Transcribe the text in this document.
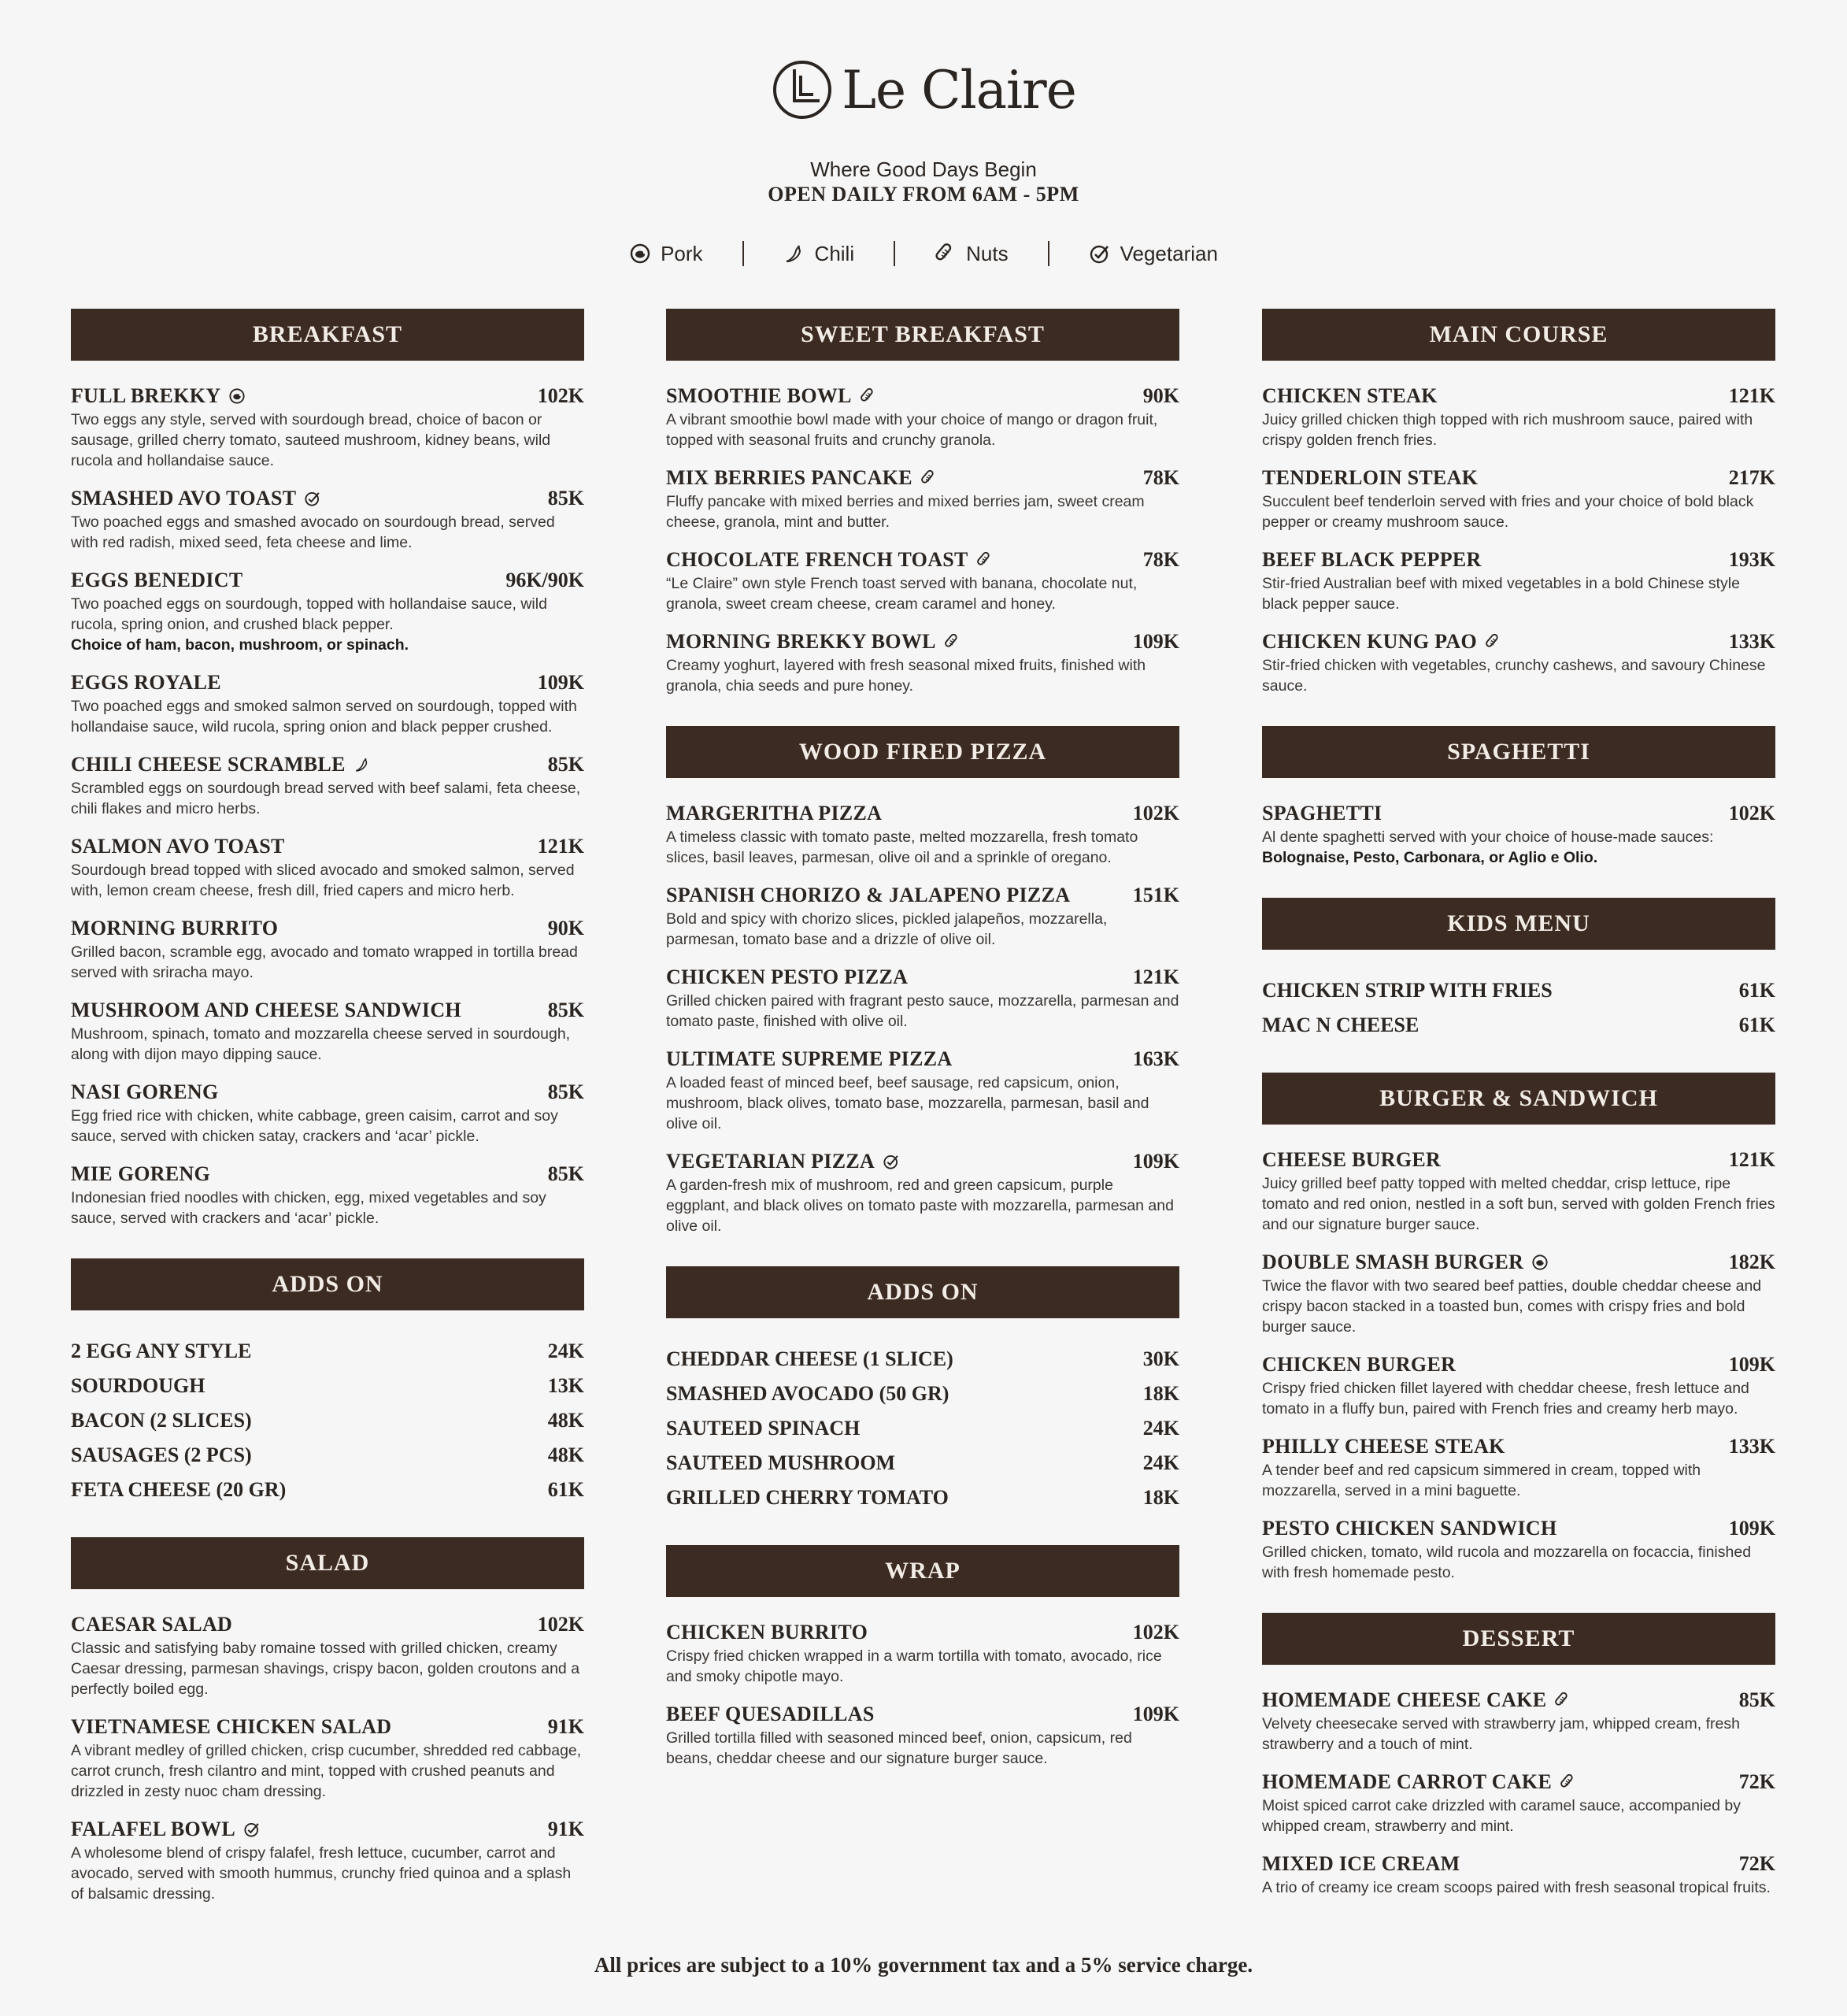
Le Claire
Where Good Days Begin
OPEN DAILY FROM 6AM - 5PM
Pork	Chili	Nuts	Vegetarian
BREAKFAST
FULL BREKKY	102K
Two eggs any style, served with sourdough bread, choice of bacon or sausage, grilled cherry tomato, sauteed mushroom, kidney beans, wild rucola and hollandaise sauce.
SMASHED AVO TOAST	85K
Two poached eggs and smashed avocado on sourdough bread, served with red radish, mixed seed, feta cheese and lime.
EGGS BENEDICT	96K/90K
Two poached eggs on sourdough, topped with hollandaise sauce, wild rucola, spring onion, and crushed black pepper.
Choice of ham, bacon, mushroom, or spinach.
EGGS ROYALE	109K
Two poached eggs and smoked salmon served on sourdough, topped with hollandaise sauce, wild rucola, spring onion and black pepper crushed.
CHILI CHEESE SCRAMBLE	85K
Scrambled eggs on sourdough bread served with beef salami, feta cheese, chili flakes and micro herbs.
SALMON AVO TOAST	121K
Sourdough bread topped with sliced avocado and smoked salmon, served with, lemon cream cheese, fresh dill, fried capers and micro herb.
MORNING BURRITO	90K
Grilled bacon, scramble egg, avocado and tomato wrapped in tortilla bread served with sriracha mayo.
MUSHROOM AND CHEESE SANDWICH	85K
Mushroom, spinach, tomato and mozzarella cheese served in sourdough, along with dijon mayo dipping sauce.
NASI GORENG	85K
Egg fried rice with chicken, white cabbage, green caisim, carrot and soy sauce, served with chicken satay, crackers and ‘acar’ pickle.
MIE GORENG	85K
Indonesian fried noodles with chicken, egg, mixed vegetables and soy sauce, served with crackers and ‘acar’ pickle.
ADDS ON
2 EGG ANY STYLE	24K
SOURDOUGH	13K
BACON (2 SLICES)	48K
SAUSAGES (2 PCS)	48K
FETA CHEESE (20 GR)	61K
SALAD
CAESAR SALAD	102K
Classic and satisfying baby romaine tossed with grilled chicken, creamy Caesar dressing, parmesan shavings, crispy bacon, golden croutons and a perfectly boiled egg.
VIETNAMESE CHICKEN SALAD	91K
A vibrant medley of grilled chicken, crisp cucumber, shredded red cabbage, carrot crunch, fresh cilantro and mint, topped with crushed peanuts and drizzled in zesty nuoc cham dressing.
FALAFEL BOWL	91K
A wholesome blend of crispy falafel, fresh lettuce, cucumber, carrot and avocado, served with smooth hummus, crunchy fried quinoa and a splash of balsamic dressing.
SWEET BREAKFAST
SMOOTHIE BOWL	90K
A vibrant smoothie bowl made with your choice of mango or dragon fruit, topped with seasonal fruits and crunchy granola.
MIX BERRIES PANCAKE	78K
Fluffy pancake with mixed berries and mixed berries jam, sweet cream cheese, granola, mint and butter.
CHOCOLATE FRENCH TOAST	78K
“Le Claire” own style French toast served with banana, chocolate nut, granola, sweet cream cheese, cream caramel and honey.
MORNING BREKKY BOWL	109K
Creamy yoghurt, layered with fresh seasonal mixed fruits, finished with granola, chia seeds and pure honey.
WOOD FIRED PIZZA
MARGERITHA PIZZA	102K
A timeless classic with tomato paste, melted mozzarella, fresh tomato slices, basil leaves, parmesan, olive oil and a sprinkle of oregano.
SPANISH CHORIZO & JALAPENO PIZZA	151K
Bold and spicy with chorizo slices, pickled jalapeños, mozzarella, parmesan, tomato base and a drizzle of olive oil.
CHICKEN PESTO PIZZA	121K
Grilled chicken paired with fragrant pesto sauce, mozzarella, parmesan and tomato paste, finished with olive oil.
ULTIMATE SUPREME PIZZA	163K
A loaded feast of minced beef, beef sausage, red capsicum, onion, mushroom, black olives, tomato base, mozzarella, parmesan, basil and olive oil.
VEGETARIAN PIZZA	109K
A garden-fresh mix of mushroom, red and green capsicum, purple eggplant, and black olives on tomato paste with mozzarella, parmesan and olive oil.
ADDS ON
CHEDDAR CHEESE (1 SLICE)	30K
SMASHED AVOCADO (50 GR)	18K
SAUTEED SPINACH	24K
SAUTEED MUSHROOM	24K
GRILLED CHERRY TOMATO	18K
WRAP
CHICKEN BURRITO	102K
Crispy fried chicken wrapped in a warm tortilla with tomato, avocado, rice and smoky chipotle mayo.
BEEF QUESADILLAS	109K
Grilled tortilla filled with seasoned minced beef, onion, capsicum, red beans, cheddar cheese and our signature burger sauce.
MAIN COURSE
CHICKEN STEAK	121K
Juicy grilled chicken thigh topped with rich mushroom sauce, paired with crispy golden french fries.
TENDERLOIN STEAK	217K
Succulent beef tenderloin served with fries and your choice of bold black pepper or creamy mushroom sauce.
BEEF BLACK PEPPER	193K
Stir-fried Australian beef with mixed vegetables in a bold Chinese style black pepper sauce.
CHICKEN KUNG PAO	133K
Stir-fried chicken with vegetables, crunchy cashews, and savoury Chinese sauce.
SPAGHETTI
SPAGHETTI	102K
Al dente spaghetti served with your choice of house-made sauces:
Bolognaise, Pesto, Carbonara, or Aglio e Olio.
KIDS MENU
CHICKEN STRIP WITH FRIES	61K
MAC N CHEESE	61K
BURGER & SANDWICH
CHEESE BURGER	121K
Juicy grilled beef patty topped with melted cheddar, crisp lettuce, ripe tomato and red onion, nestled in a soft bun, served with golden French fries and our signature burger sauce.
DOUBLE SMASH BURGER	182K
Twice the flavor with two seared beef patties, double cheddar cheese and crispy bacon stacked in a toasted bun, comes with crispy fries and bold burger sauce.
CHICKEN BURGER	109K
Crispy fried chicken fillet layered with cheddar cheese, fresh lettuce and tomato in a fluffy bun, paired with French fries and creamy herb mayo.
PHILLY CHEESE STEAK	133K
A tender beef and red capsicum simmered in cream, topped with mozzarella, served in a mini baguette.
PESTO CHICKEN SANDWICH	109K
Grilled chicken, tomato, wild rucola and mozzarella on focaccia, finished with fresh homemade pesto.
DESSERT
HOMEMADE CHEESE CAKE	85K
Velvety cheesecake served with strawberry jam, whipped cream, fresh strawberry and a touch of mint.
HOMEMADE CARROT CAKE	72K
Moist spiced carrot cake drizzled with caramel sauce, accompanied by whipped cream, strawberry and mint.
MIXED ICE CREAM	72K
A trio of creamy ice cream scoops paired with fresh seasonal tropical fruits.
All prices are subject to a 10% government tax and a 5% service charge.
